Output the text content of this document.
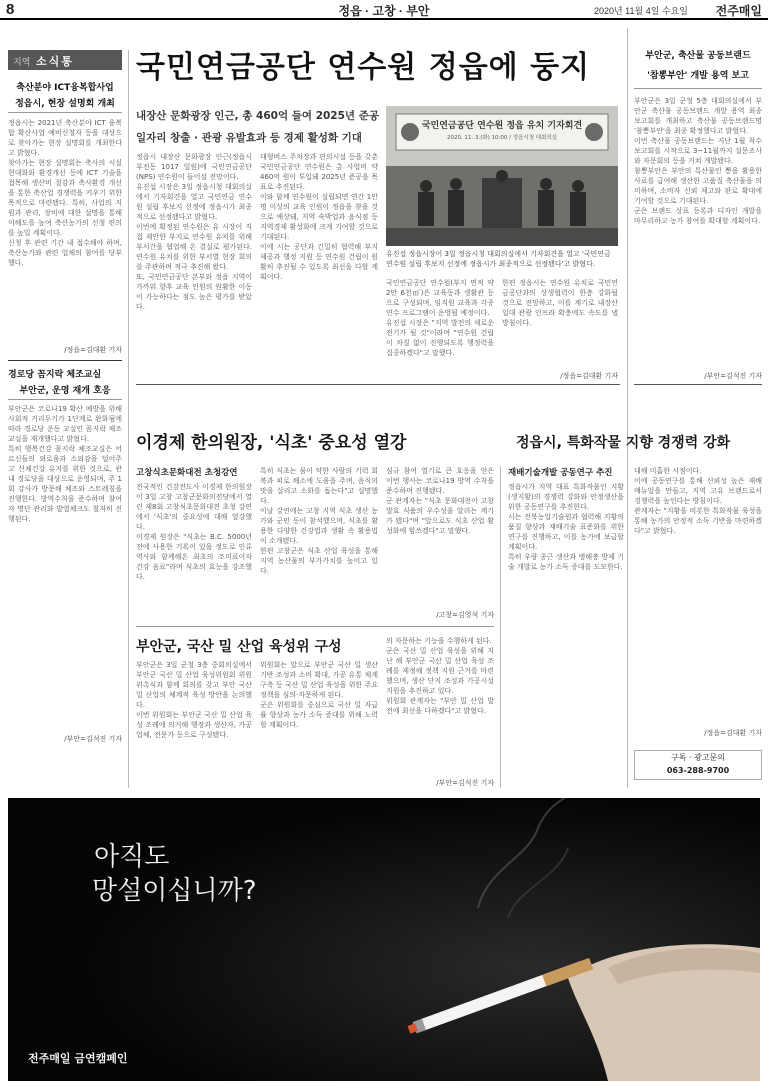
8	정읍 · 고창 · 부안	2020년 11월 4일 수요일 전주매일
지역 소식통
축산분야 ICT융복합사업
정읍시, 현장 설명회 개최
정읍시는 2021년 축산분야 ICT 융복합 확산사업 예비신청자 등을 대상으로 찾아가는 현장 설명회를 개최한다고 밝혔다.
찾아가는 현장 설명회는 축사의 시설현대화와 환경개선 등에 ICT 기술을 접목해 생산비 절감과 축사환경 개선을 통한 축산업 경쟁력을 키우기 위한 목적으로 마련됐다. 특히, 사업의 지원과 관리, 장비에 대한 설명을 통해 이해도를 높여 축산농가의 신청 편의를 높일 계획이다.
신청 후 관련 기간 내 접수해야 하며, 축산농가와 관련 업체의 참여를 당부했다.
/정읍=김대환 기자
경로당 꼼지락 체조교실
부안군, 운영 재개 호응
부안군은 코로나19 확산 예방을 위해 사회적 거리두기가 1단계로 완화됨에 따라 경로당 운동 교실인 꼼지락 체조교실을 재개했다고 밝혔다.
특히 행복건강 꼼지락 체조교실은 어르신들의 외로움과 소외감을 덜어주고 신체건강 유지를 위한 것으로, 관내 경로당을 대상으로 운영되며, 주 1회 강사가 방문해 체조와 스트레칭을 진행한다. 방역수칙을 준수하며 참여자 명단 관리와 발열체크도 철저히 진행된다.
/부안=김석진 기자
국민연금공단 연수원 정읍에 둥지
내장산 문화광장 인근, 총 460억 들여 2025년 준공
일자리 창출 · 관광 유발효과 등 경제 활성화 기대
정읍시 내장산 문화광장 인근(정읍시 부전동 1017 일원)에 국민연금공단(NPS) 연수원이 들어설 전망이다.
유진섭 시장은 3일 정읍시청 대회의실에서 기자회견을 열고 국민연금 연수원 설립 후보지 선정에 정읍시가 최종적으로 선정됐다고 밝혔다.
이번에 확정된 연수원은 유 시장이 직접 제안한 부지로 연수원 유치를 위해 부서간을 협업해 온 결실로 평가된다. 연수원 유치를 위한 부서별 현장 회의를 주관하며 적극 추진해 왔다.
또, 국민연금공단 본부와 정읍 지역이 가까워 향후 교육 인원의 원활한 이동이 가능하다는 점도 높은 평가를 받았다.
대형버스 주차장과 편의시설 등을 갖춘 국민연금공단 연수원은 총 사업비 약 460억 원이 투입돼 2025년 준공을 목표로 추진된다.
이와 함께 연수원이 설립되면 연간 1만 명 이상의 교육 인원이 정읍을 찾을 것으로 예상돼, 지역 숙박업과 음식점 등 지역경제 활성화에 크게 기여할 것으로 기대된다.
이에 시는 공단과 긴밀히 협력해 부지 제공과 행정 지원 등 연수원 건립이 원활히 추진될 수 있도록 최선을 다할 계획이다.
국민연금공단 연수원 정읍 유치 기자회견
2020. 11. 3.(화) 10:00 / 정읍시청 대회의실
유진섭 정읍시장이 3일 정읍시청 대회의실에서 기자회견을 열고 '국민연금 연수원 설립 후보지 선정에 정읍시가 최종적으로 선정됐다'고 밝혔다.
국민연금공단 연수원(부지 면적 약 2만 6천㎡)은 교육동과 생활관 등으로 구성되며, 임직원 교육과 각종 연수 프로그램이 운영될 예정이다.
유진섭 시장은 "지역 발전의 새로운 전기가 될 것"이라며 "연수원 건립이 차질 없이 진행되도록 행정력을 집중하겠다"고 말했다.
한편 정읍시는 연수원 유치로 국민연금공단과의 상생협력이 한층 강화될 것으로 전망하고, 이를 계기로 내장산 일대 관광 인프라 확충에도 속도를 낼 방침이다.
/정읍=김대환 기자
부안군, 축산물 공동브랜드
'참뽕부안' 개발 용역 보고
부안군은 3일 군청 5층 대회의실에서 부안군 축산물 공동브랜드 개발 용역 최종 보고회를 개최하고 축산물 공동브랜드명 '참뽕부안'을 최종 확정했다고 밝혔다.
이번 축산물 공동브랜드는 지난 1월 착수 보고회를 시작으로 3~11월까지 설문조사와 자문회의 등을 거쳐 개발됐다.
참뽕부안은 부안의 특산물인 뽕을 활용한 사료를 급여해 생산한 고품질 축산물을 의미하며, 소비자 신뢰 제고와 판로 확대에 기여할 것으로 기대된다.
군은 브랜드 상표 등록과 디자인 개발을 마무리하고 농가 참여를 확대할 계획이다.
/부안=김석진 기자
이경제 한의원장, '식초' 중요성 열강
고창식초문화대전 초청강연
전국적인 건강전도사 이경제 한의원장이 3일 고창 고창군문화의전당에서 열린 제8회 고창식초문화대전 초청 강연에서 '식초'의 중요성에 대해 열강했다.
이경제 원장은 "식초는 B.C. 5000년 전에 사용한 기록이 있을 정도로 인류 역사와 함께해온 최초의 조미료이자 건강 음료"라며 식초의 효능을 강조했다.
특히 식초는 몸이 약한 사람의 기력 회복과 피로 해소에 도움을 주며, 음식의 맛을 살리고 소화를 돕는다"고 설명했다.
이날 강연에는 고창 지역 식초 생산 농가와 군민 등이 참석했으며, 식초를 활용한 다양한 건강법과 생활 속 활용법이 소개됐다.
한편 고창군은 식초 산업 육성을 통해 지역 농산물의 부가가치를 높이고 있다.
심규 참여 열기로 큰 호응을 얻은 이번 행사는 코로나19 방역 수칙을 준수하며 진행됐다.
군 관계자는 "식초 문화대전이 고창 발효 식품의 우수성을 알리는 계기가 됐다"며 "앞으로도 식초 산업 활성화에 힘쓰겠다"고 말했다.
/고창=김영석 기자
부안군, 국산 밀 산업 육성위 구성
부안군은 3일 군청 3층 중회의실에서 부안군 국산 밀 산업 육성위원회 위원 위촉식과 함께 회의를 갖고 부안 국산 밀 산업의 체계적 육성 방안을 논의했다.
이번 위원회는 부안군 국산 밀 산업 육성 조례에 의거해 행정과 생산자, 가공업체, 전문가 등으로 구성됐다.
위원회는 앞으로 부안군 국산 밀 생산 기반 조성과 소비 확대, 가공 유통 체계 구축 등 국산 밀 산업 육성을 위한 주요 정책을 심의·자문하게 된다.
군은 위원회를 중심으로 국산 밀 자급률 향상과 농가 소득 증대를 위해 노력할 계획이다.
의 자문하는 기능을 수행하게 된다.
군은 국산 밀 산업 육성을 위해 지난 해 부안군 국산 밀 산업 육성 조례를 제정해 정책 지원 근거를 마련했으며, 생산 단지 조성과 가공시설 지원을 추진하고 있다.
위원회 관계자는 "부안 밀 산업 발전에 최선을 다하겠다"고 밝혔다.
/부안=김석진 기자
정읍시, 특화작물 지향 경쟁력 강화
재배기술개발 공동연구 추진
정읍시가 지역 대표 특화작물인 지황(생지황)의 경쟁력 강화와 안정생산을 위한 공동연구를 추진한다.
시는 전북농업기술원과 협력해 지황의 품질 향상과 재배기술 표준화를 위한 연구를 진행하고, 이를 농가에 보급할 계획이다.
특히 우량 종근 생산과 병해충 방제 기술 개발로 농가 소득 증대를 도모한다.
대해 미흡한 시점이다.
이에 공동연구를 통해 신뢰성 높은 재배 매뉴얼을 만들고, 지역 고유 브랜드로서 경쟁력을 높인다는 방침이다.
관계자는 "지황을 비롯한 특화작물 육성을 통해 농가의 안정적 소득 기반을 마련하겠다"고 밝혔다.
/정읍=김대환 기자
구독 · 광고문의
063-288-9700
아직도
망설이십니까?
전주매일 금연캠페인
